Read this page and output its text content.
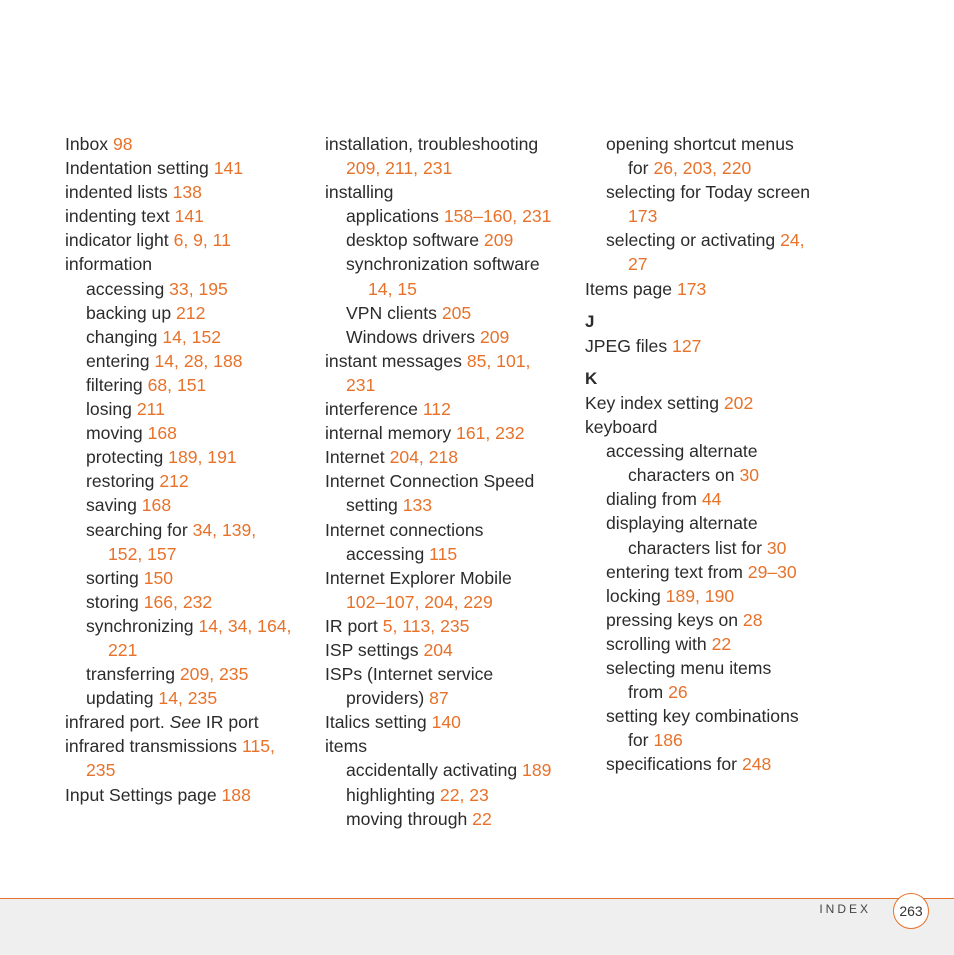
Inbox 98
Indentation setting 141
indented lists 138
indenting text 141
indicator light 6, 9, 11
information
accessing 33, 195
backing up 212
changing 14, 152
entering 14, 28, 188
filtering 68, 151
losing 211
moving 168
protecting 189, 191
restoring 212
saving 168
searching for 34, 139,
152, 157
sorting 150
storing 166, 232
synchronizing 14, 34, 164,
221
transferring 209, 235
updating 14, 235
infrared port. See IR port
infrared transmissions 115,
235
Input Settings page 188
installation, troubleshooting
209, 211, 231
installing
applications 158–160, 231
desktop software 209
synchronization software
14, 15
VPN clients 205
Windows drivers 209
instant messages 85, 101,
231
interference 112
internal memory 161, 232
Internet 204, 218
Internet Connection Speed
setting 133
Internet connections
accessing 115
Internet Explorer Mobile
102–107, 204, 229
IR port 5, 113, 235
ISP settings 204
ISPs (Internet service
providers) 87
Italics setting 140
items
accidentally activating 189
highlighting 22, 23
moving through 22
opening shortcut menus
for 26, 203, 220
selecting for Today screen
173
selecting or activating 24,
27
Items page 173
J
JPEG files 127
K
Key index setting 202
keyboard
accessing alternate
characters on 30
dialing from 44
displaying alternate
characters list for 30
entering text from 29–30
locking 189, 190
pressing keys on 28
scrolling with 22
selecting menu items
from 26
setting key combinations
for 186
specifications for 248
INDEX	263
